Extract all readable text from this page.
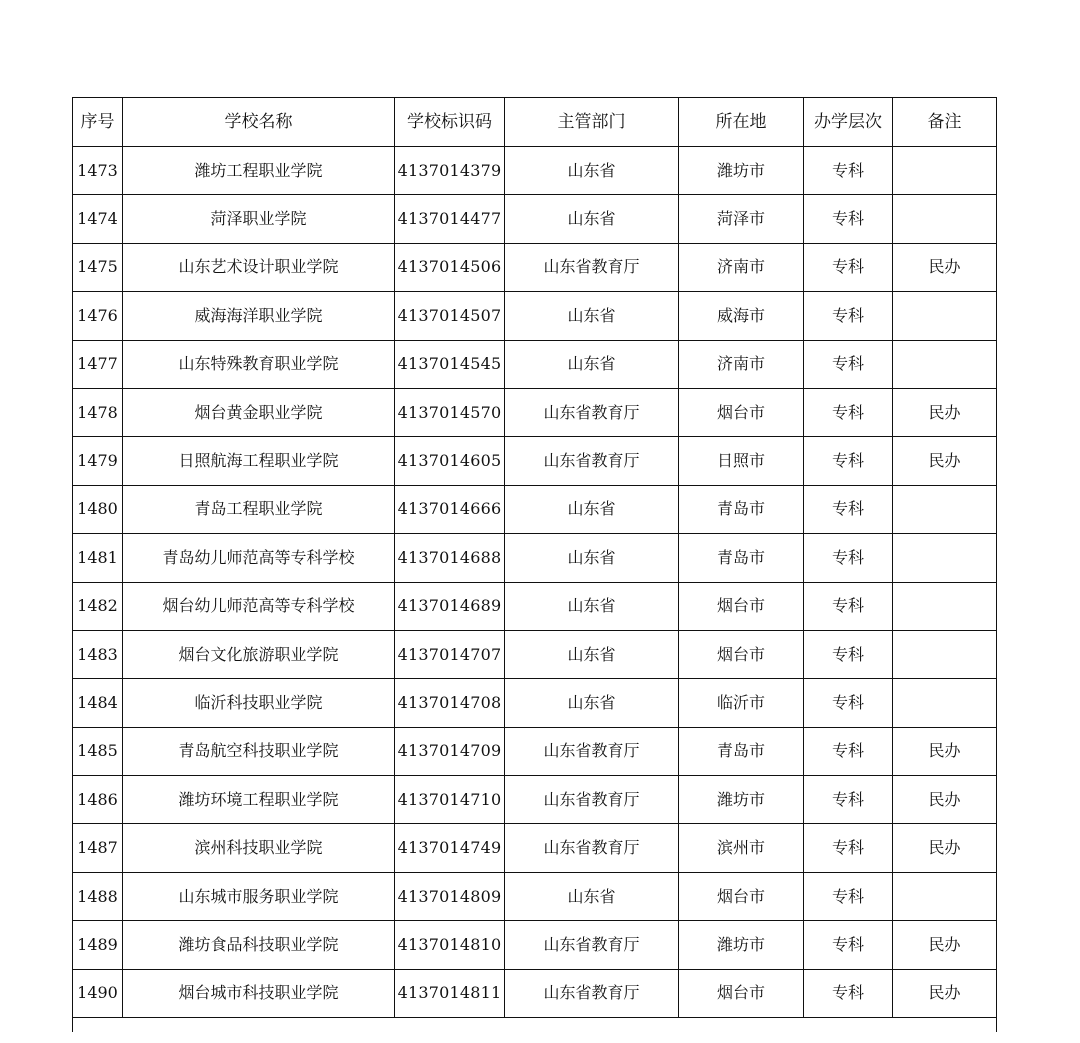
序号	学校名称	学校标识码	主管部门	所在地	办学层次	备注
1473	潍坊工程职业学院	4137014379	山东省	潍坊市	专科	
1474	菏泽职业学院	4137014477	山东省	菏泽市	专科	
1475	山东艺术设计职业学院	4137014506	山东省教育厅	济南市	专科	民办
1476	威海海洋职业学院	4137014507	山东省	威海市	专科	
1477	山东特殊教育职业学院	4137014545	山东省	济南市	专科	
1478	烟台黄金职业学院	4137014570	山东省教育厅	烟台市	专科	民办
1479	日照航海工程职业学院	4137014605	山东省教育厅	日照市	专科	民办
1480	青岛工程职业学院	4137014666	山东省	青岛市	专科	
1481	青岛幼儿师范高等专科学校	4137014688	山东省	青岛市	专科	
1482	烟台幼儿师范高等专科学校	4137014689	山东省	烟台市	专科	
1483	烟台文化旅游职业学院	4137014707	山东省	烟台市	专科	
1484	临沂科技职业学院	4137014708	山东省	临沂市	专科	
1485	青岛航空科技职业学院	4137014709	山东省教育厅	青岛市	专科	民办
1486	潍坊环境工程职业学院	4137014710	山东省教育厅	潍坊市	专科	民办
1487	滨州科技职业学院	4137014749	山东省教育厅	滨州市	专科	民办
1488	山东城市服务职业学院	4137014809	山东省	烟台市	专科	
1489	潍坊食品科技职业学院	4137014810	山东省教育厅	潍坊市	专科	民办
1490	烟台城市科技职业学院	4137014811	山东省教育厅	烟台市	专科	民办
